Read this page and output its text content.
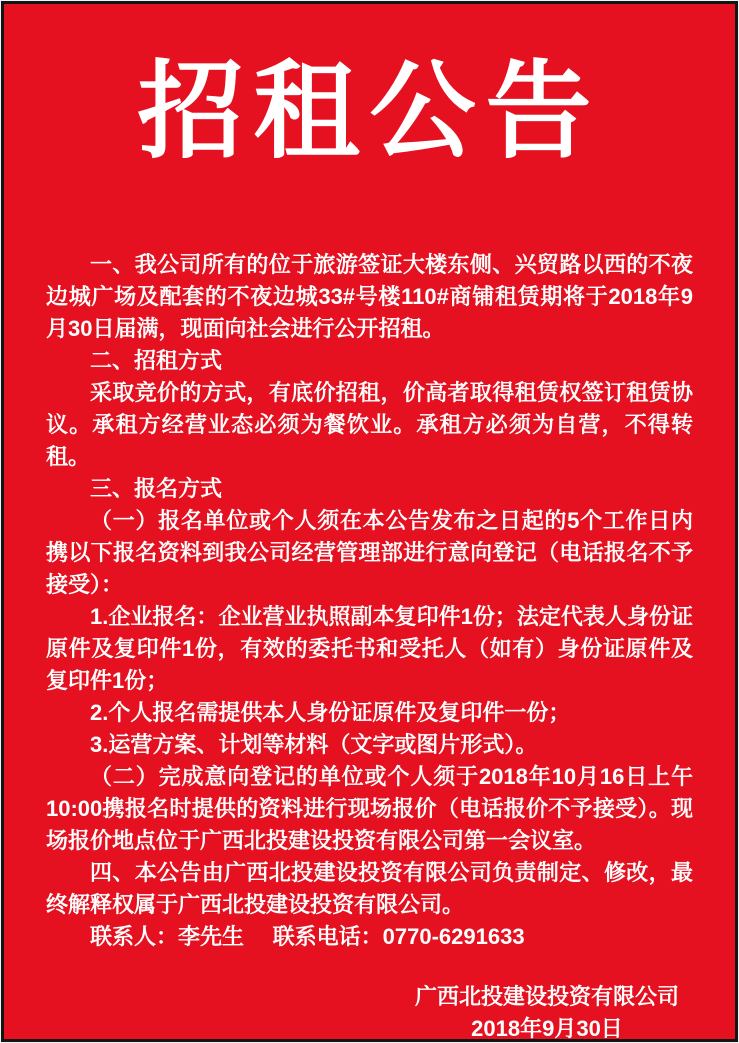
招租公告

一、我公司所有的位于旅游签证大楼东侧、兴贸路以西的不夜边城广场及配套的不夜边城33#号楼110#商铺租赁期将于2018年9月30日届满，现面向社会进行公开招租。

二、招租方式

采取竞价的方式，有底价招租，价高者取得租赁权签订租赁协议。承租方经营业态必须为餐饮业。承租方必须为自营，不得转租。

三、报名方式

（一）报名单位或个人须在本公告发布之日起的5个工作日内携以下报名资料到我公司经营管理部进行意向登记（电话报名不予接受）：

1.企业报名：企业营业执照副本复印件1份；法定代表人身份证原件及复印件1份，有效的委托书和受托人（如有）身份证原件及复印件1份；

2.个人报名需提供本人身份证原件及复印件一份；

3.运营方案、计划等材料（文字或图片形式）。

（二）完成意向登记的单位或个人须于2018年10月16日上午10:00携报名时提供的资料进行现场报价（电话报价不予接受）。现场报价地点位于广西北投建设投资有限公司第一会议室。

四、本公告由广西北投建设投资有限公司负责制定、修改，最终解释权属于广西北投建设投资有限公司。

联系人：李先生 联系电话：0770-6291633

广西北投建设投资有限公司
2018年9月30日
